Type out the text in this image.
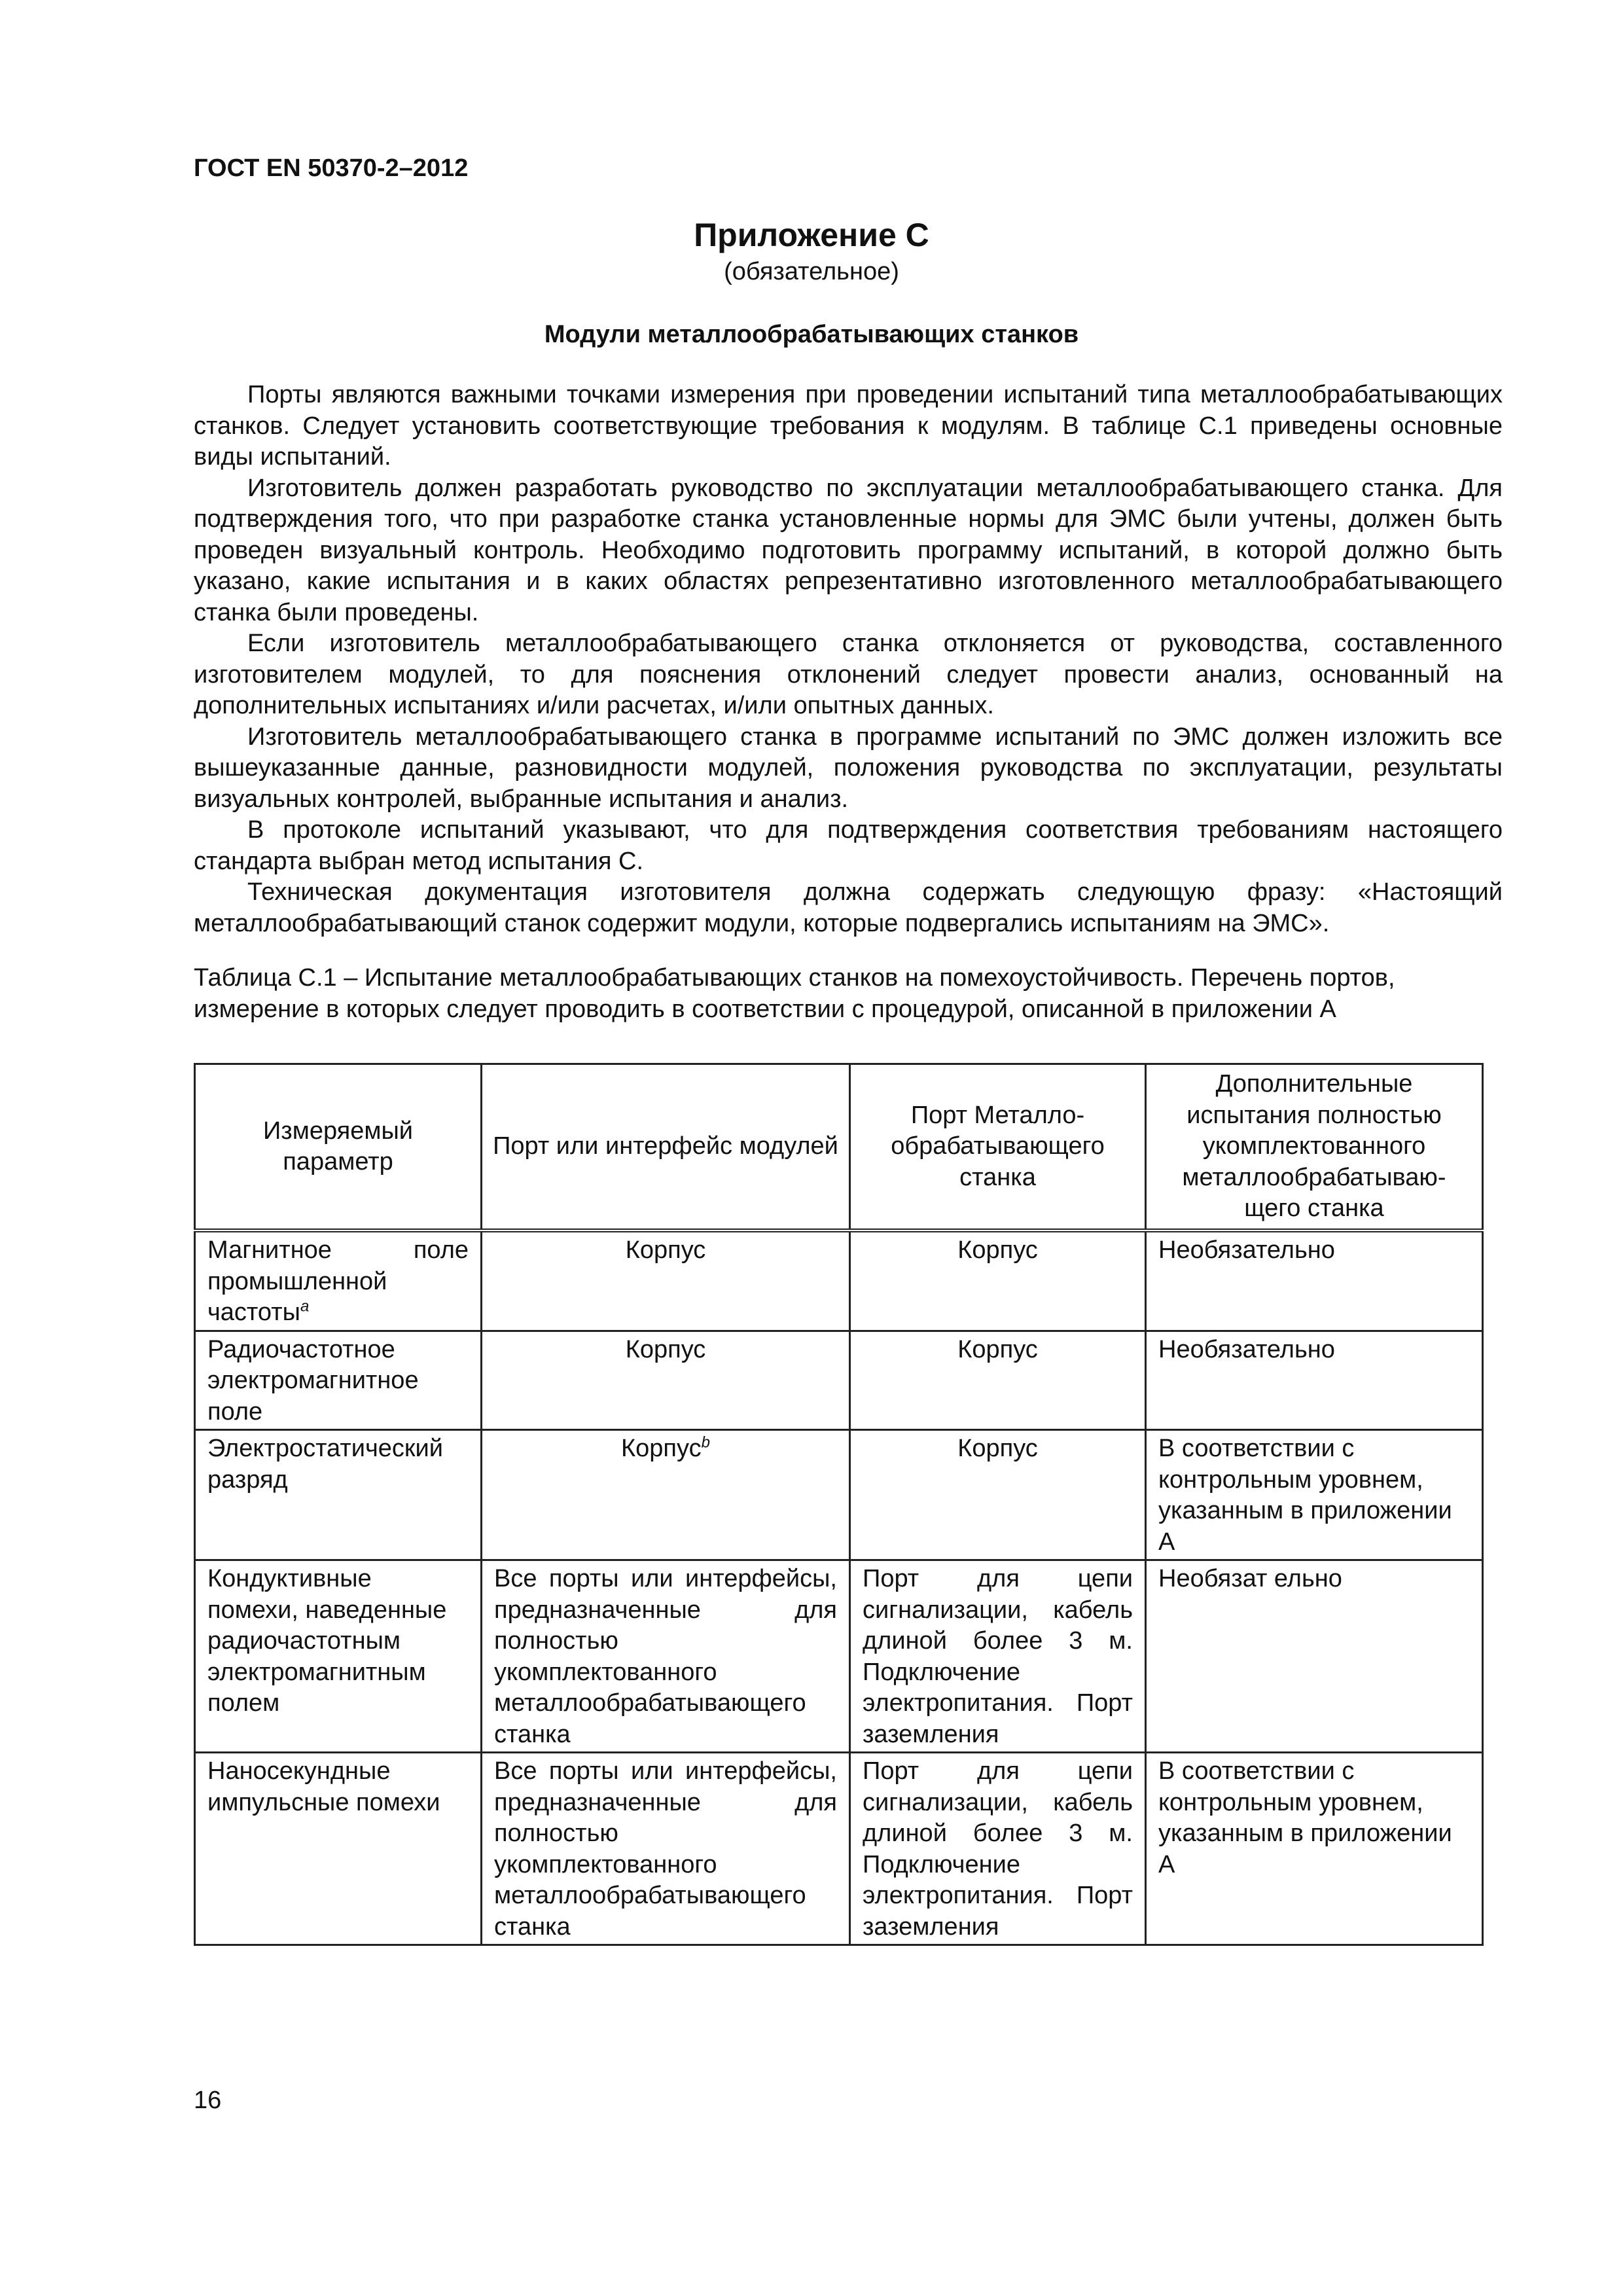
ГОСТ EN 50370-2–2012
Приложение С
(обязательное)
Модули металлообрабатывающих станков

Порты являются важными точками измерения при проведении испытаний типа металлообрабатывающих станков. Следует установить соответствующие требования к модулям. В таблице С.1 приведены основные виды испытаний.

Изготовитель должен разработать руководство по эксплуатации металлообрабатывающего станка. Для подтверждения того, что при разработке станка установленные нормы для ЭМС были учтены, должен быть проведен визуальный контроль. Необходимо подготовить программу испытаний, в которой должно быть указано, какие испытания и в каких областях репрезентативно изготовленного металлообрабатывающего станка были проведены.

Если изготовитель металлообрабатывающего станка отклоняется от руководства, составленного изготовителем модулей, то для пояснения отклонений следует провести анализ, основанный на дополнительных испытаниях и/или расчетах, и/или опытных данных.

Изготовитель металлообрабатывающего станка в программе испытаний по ЭМС должен изложить все вышеуказанные данные, разновидности модулей, положения руководства по эксплуатации, результаты визуальных контролей, выбранные испытания и анализ.

В протоколе испытаний указывают, что для подтверждения соответствия требованиям настоящего стандарта выбран метод испытания С.

Техническая документация изготовителя должна содержать следующую фразу: «Настоящий металлообрабатывающий станок содержит модули, которые подвергались испытаниям на ЭМС».

Таблица С.1 – Испытание металлообрабатывающих станков на помехоустойчивость. Перечень портов,

измерение в которых следует проводить в соответствии с процедурой, описанной в приложении А

Измеряемый параметр	Порт или интерфейс модулей	Порт Металло-обрабатывающего станка	Дополнительные испытания полностью укомплектованного металлообрабатываю-щего станка
Магнитное поле промышленной частоты$^a$	Корпус	Корпус	Необязательно
Радиочастотное электромагнитное поле	Корпус	Корпус	Необязательно
Электростатический разряд	Корпус$^b$	Корпус	В соответствии с контрольным уровнем, указанным в приложении А
Кондуктивные помехи, наведенные радиочастотным электромагнитным полем	Все порты или интерфейсы, предназначенные для полностью укомплектованного металлообрабатывающего станка	Порт для цепи сигнализации, кабель длиной более 3 м. Подключение электропитания. Порт заземления	Необязат ельно
Наносекундные импульсные помехи	Все порты или интерфейсы, предназначенные для полностью укомплектованного металлообрабатывающего станка	Порт для цепи сигнализации, кабель длиной более 3 м. Подключение электропитания. Порт заземления	В соответствии с контрольным уровнем, указанным в приложении А
16
